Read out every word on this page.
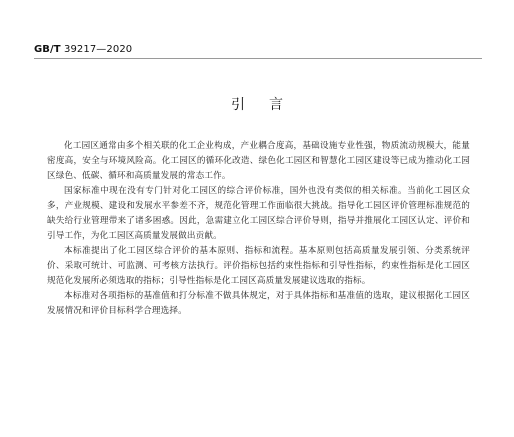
GB/T 39217—2020
引言

化工园区通常由多个相关联的化工企业构成，产业耦合度高，基础设施专业性强，物质流动规模大，能量密度高，安全与环境风险高。化工园区的循环化改造、绿色化工园区和智慧化工园区建设等已成为推动化工园区绿色、低碳、循环和高质量发展的常态工作。

国家标准中现在没有专门针对化工园区的综合评价标准，国外也没有类似的相关标准。当前化工园区众多，产业规模、建设和发展水平参差不齐，规范化管理工作面临很大挑战。指导化工园区评价管理标准规范的缺失给行业管理带来了诸多困惑。因此，急需建立化工园区综合评价导则，指导并推展化工园区认定、评价和引导工作，为化工园区高质量发展做出贡献。

本标准提出了化工园区综合评价的基本原则、指标和流程。基本原则包括高质量发展引领、分类系统评价、采取可统计、可监测、可考核方法执行。评价指标包括约束性指标和引导性指标，约束性指标是化工园区规范化发展所必须选取的指标；引导性指标是化工园区高质量发展建议选取的指标。

本标准对各项指标的基准值和打分标准不做具体规定，对于具体指标和基准值的选取，建议根据化工园区发展情况和评价目标科学合理选择。
